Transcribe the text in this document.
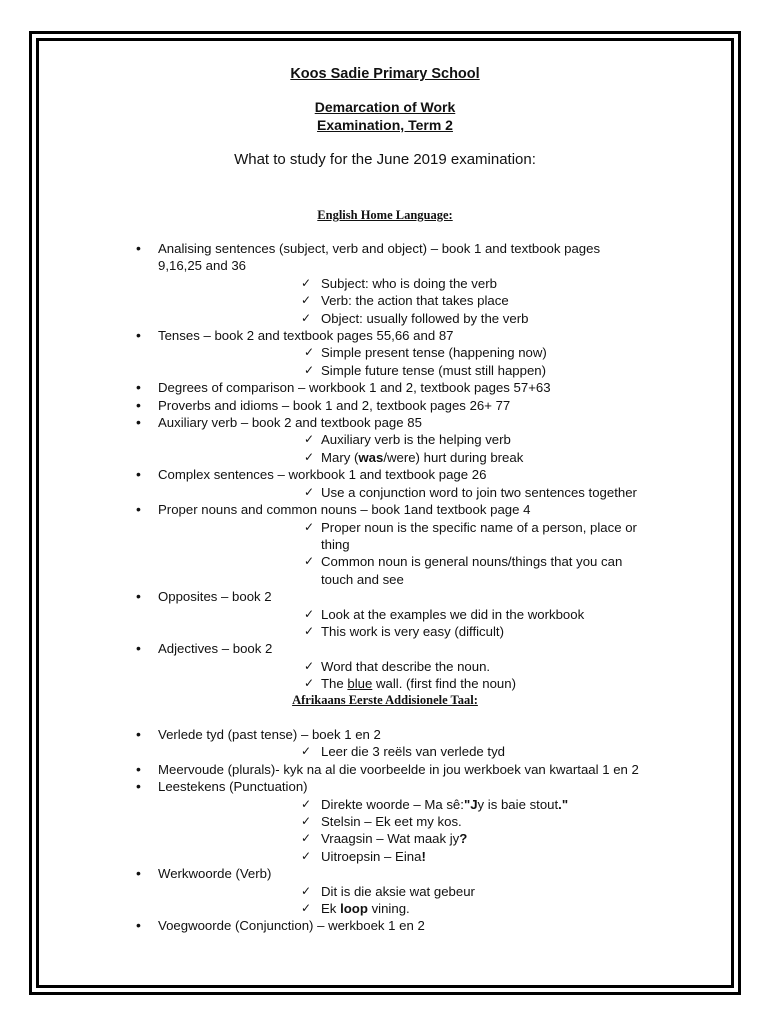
Koos Sadie Primary School
Demarcation of Work
Examination, Term 2
What to study for the June 2019 examination:
English Home Language:
• Analising sentences (subject, verb and object) – book 1 and textbook pages 9,16,25 and 36
✓ Subject: who is doing the verb
✓ Verb: the action that takes place
✓ Object: usually followed by the verb
• Tenses – book 2 and textbook pages 55,66 and 87
✓ Simple present tense (happening now)
✓ Simple future tense (must still happen)
• Degrees of comparison – workbook 1 and 2, textbook pages 57+63
• Proverbs and idioms – book 1 and 2, textbook pages 26+ 77
• Auxiliary verb – book 2 and textbook page 85
✓ Auxiliary verb is the helping verb
✓ Mary (was/were) hurt during break
• Complex sentences – workbook 1 and textbook page 26
✓ Use a conjunction word to join two sentences together
• Proper nouns and common nouns – book 1and textbook page 4
✓ Proper noun is the specific name of a person, place or thing
✓ Common noun is general nouns/things that you can touch and see
• Opposites – book 2
✓ Look at the examples we did in the workbook
✓ This work is very easy (difficult)
• Adjectives – book 2
✓ Word that describe the noun.
✓ The blue wall. (first find the noun)
Afrikaans Eerste Addisionele Taal:
• Verlede tyd (past tense) – boek 1 en 2
✓ Leer die 3 reëls van verlede tyd
• Meervoude (plurals)- kyk na al die voorbeelde in jou werkboek van kwartaal 1 en 2
• Leestekens (Punctuation)
✓ Direkte woorde – Ma sê:"Jy is baie stout."
✓ Stelsin – Ek eet my kos.
✓ Vraagsin – Wat maak jy?
✓ Uitroepsin – Eina!
• Werkwoorde (Verb)
✓ Dit is die aksie wat gebeur
✓ Ek loop vining.
• Voegwoorde (Conjunction) – werkboek 1 en 2
